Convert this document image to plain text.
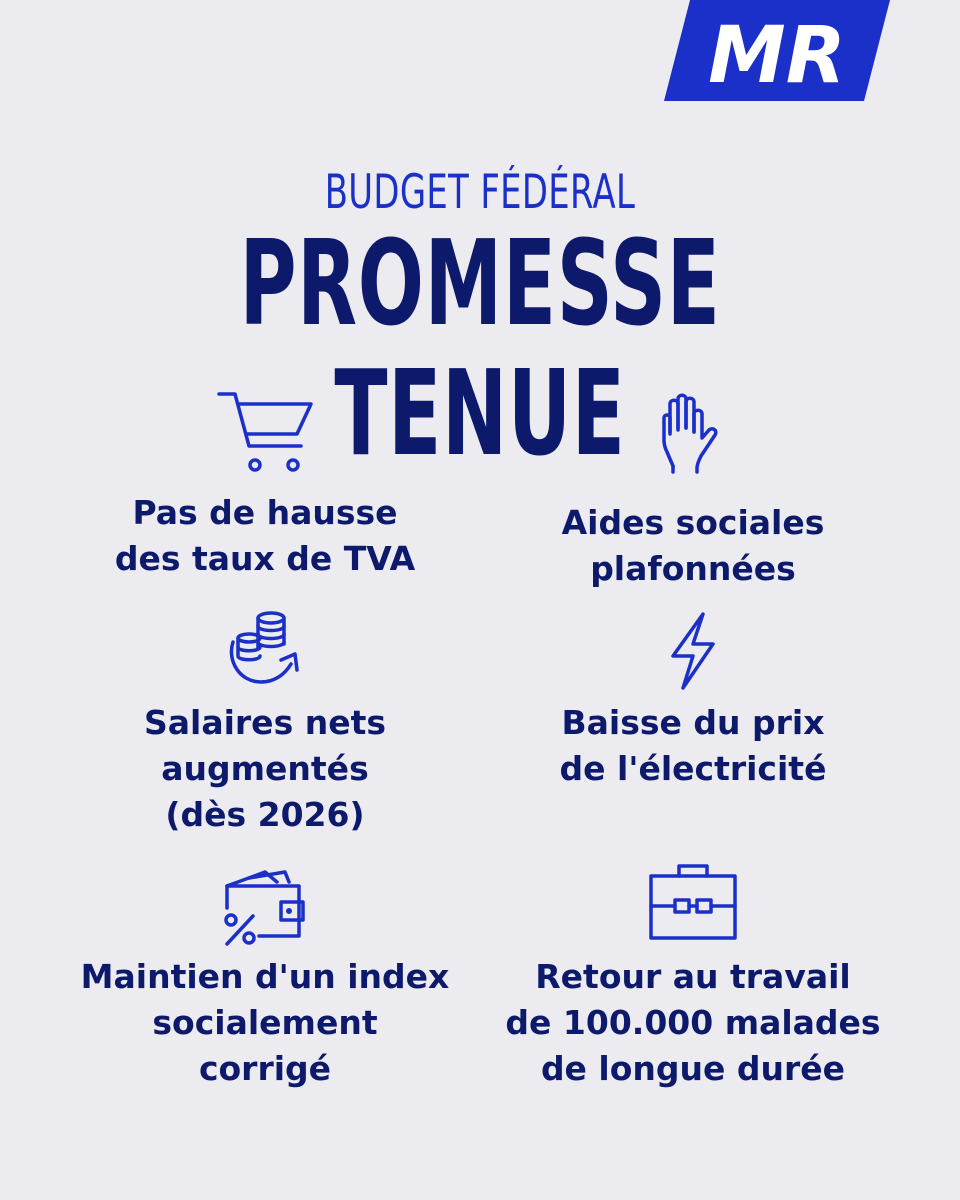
MR
BUDGET FÉDÉRAL
PROMESSE TENUE
Pas de hausse
des taux de TVA
Aides sociales
plafonnées
Salaires nets
augmentés
(dès 2026)
Baisse du prix
de l'électricité
Maintien d'un index
socialement
corrigé
Retour au travail
de 100.000 malades
de longue durée
